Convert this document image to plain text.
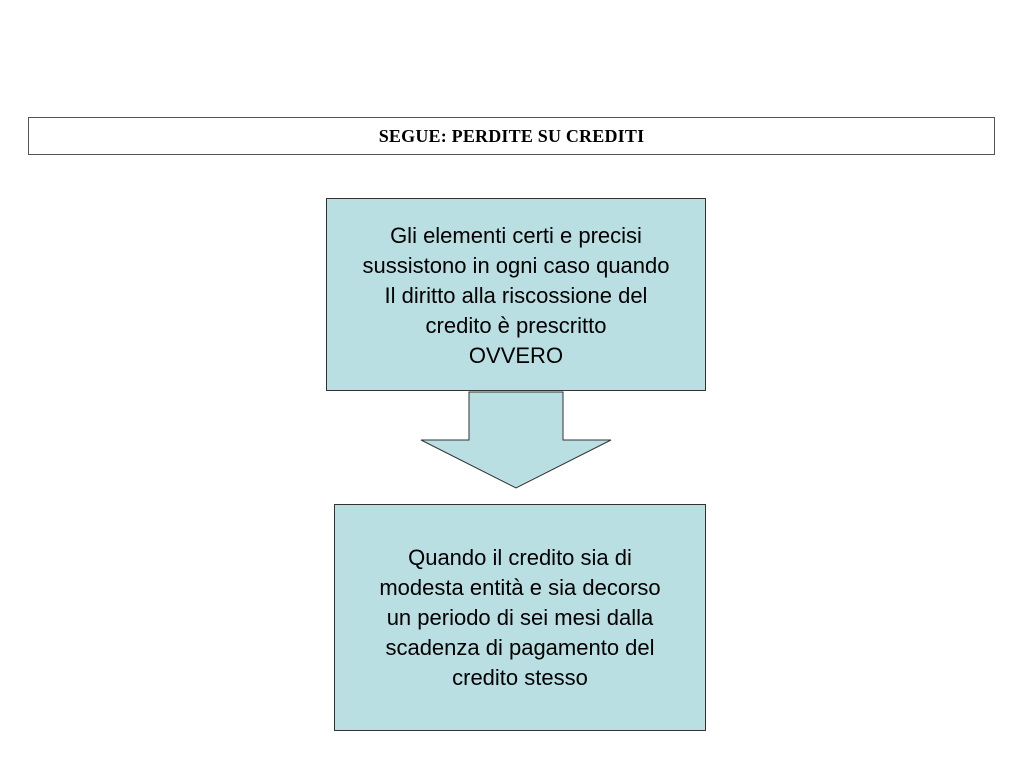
SEGUE: PERDITE SU CREDITI
Gli elementi certi e precisi
sussistono in ogni caso quando
Il diritto alla riscossione del
credito è prescritto
OVVERO
Quando il credito sia di
modesta entità e sia decorso
un periodo di sei mesi dalla
scadenza di pagamento del
credito stesso
